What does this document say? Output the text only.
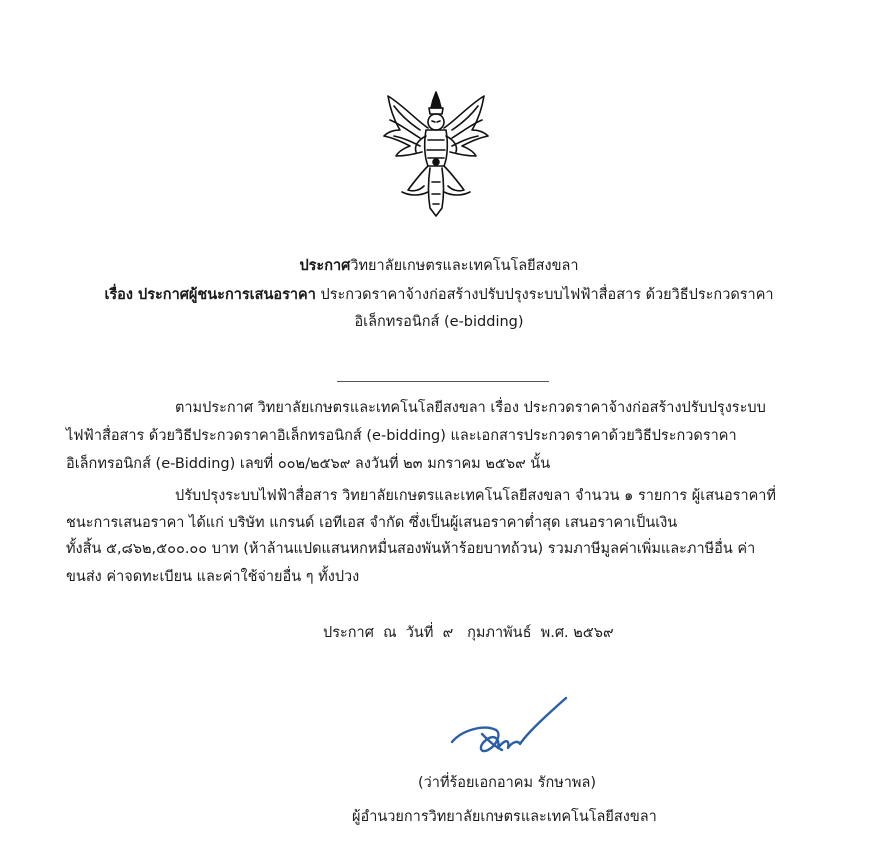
ประกาศวิทยาลัยเกษตรและเทคโนโลยีสงขลา
เรื่อง ประกาศผู้ชนะการเสนอราคา ประกวดราคาจ้างก่อสร้างปรับปรุงระบบไฟฟ้าสื่อสาร ด้วยวิธีประกวดราคา
อิเล็กทรอนิกส์ (e-bidding)
ตามประกาศ วิทยาลัยเกษตรและเทคโนโลยีสงขลา เรื่อง ประกวดราคาจ้างก่อสร้างปรับปรุงระบบ
ไฟฟ้าสื่อสาร ด้วยวิธีประกวดราคาอิเล็กทรอนิกส์ (e-bidding) และเอกสารประกวดราคาด้วยวิธีประกวดราคา
อิเล็กทรอนิกส์ (e-Bidding) เลขที่ ๐๐๒/๒๕๖๙ ลงวันที่ ๒๓ มกราคม ๒๕๖๙ นั้น
ปรับปรุงระบบไฟฟ้าสื่อสาร วิทยาลัยเกษตรและเทคโนโลยีสงขลา จำนวน ๑ รายการ ผู้เสนอราคาที่
ชนะการเสนอราคา ได้แก่ บริษัท แกรนด์ เอทีเอส จำกัด ซึ่งเป็นผู้เสนอราคาต่ำสุด เสนอราคาเป็นเงิน
ทั้งสิ้น ๕,๘๖๒,๕๐๐.๐๐ บาท (ห้าล้านแปดแสนหกหมื่นสองพันห้าร้อยบาทถ้วน) รวมภาษีมูลค่าเพิ่มและภาษีอื่น ค่า
ขนส่ง ค่าจดทะเบียน และค่าใช้จ่ายอื่น ๆ ทั้งปวง
ประกาศ  ณ  วันที่  ๙   กุมภาพันธ์  พ.ศ. ๒๕๖๙
(ว่าที่ร้อยเอกอาคม รักษาพล)
ผู้อำนวยการวิทยาลัยเกษตรและเทคโนโลยีสงขลา
